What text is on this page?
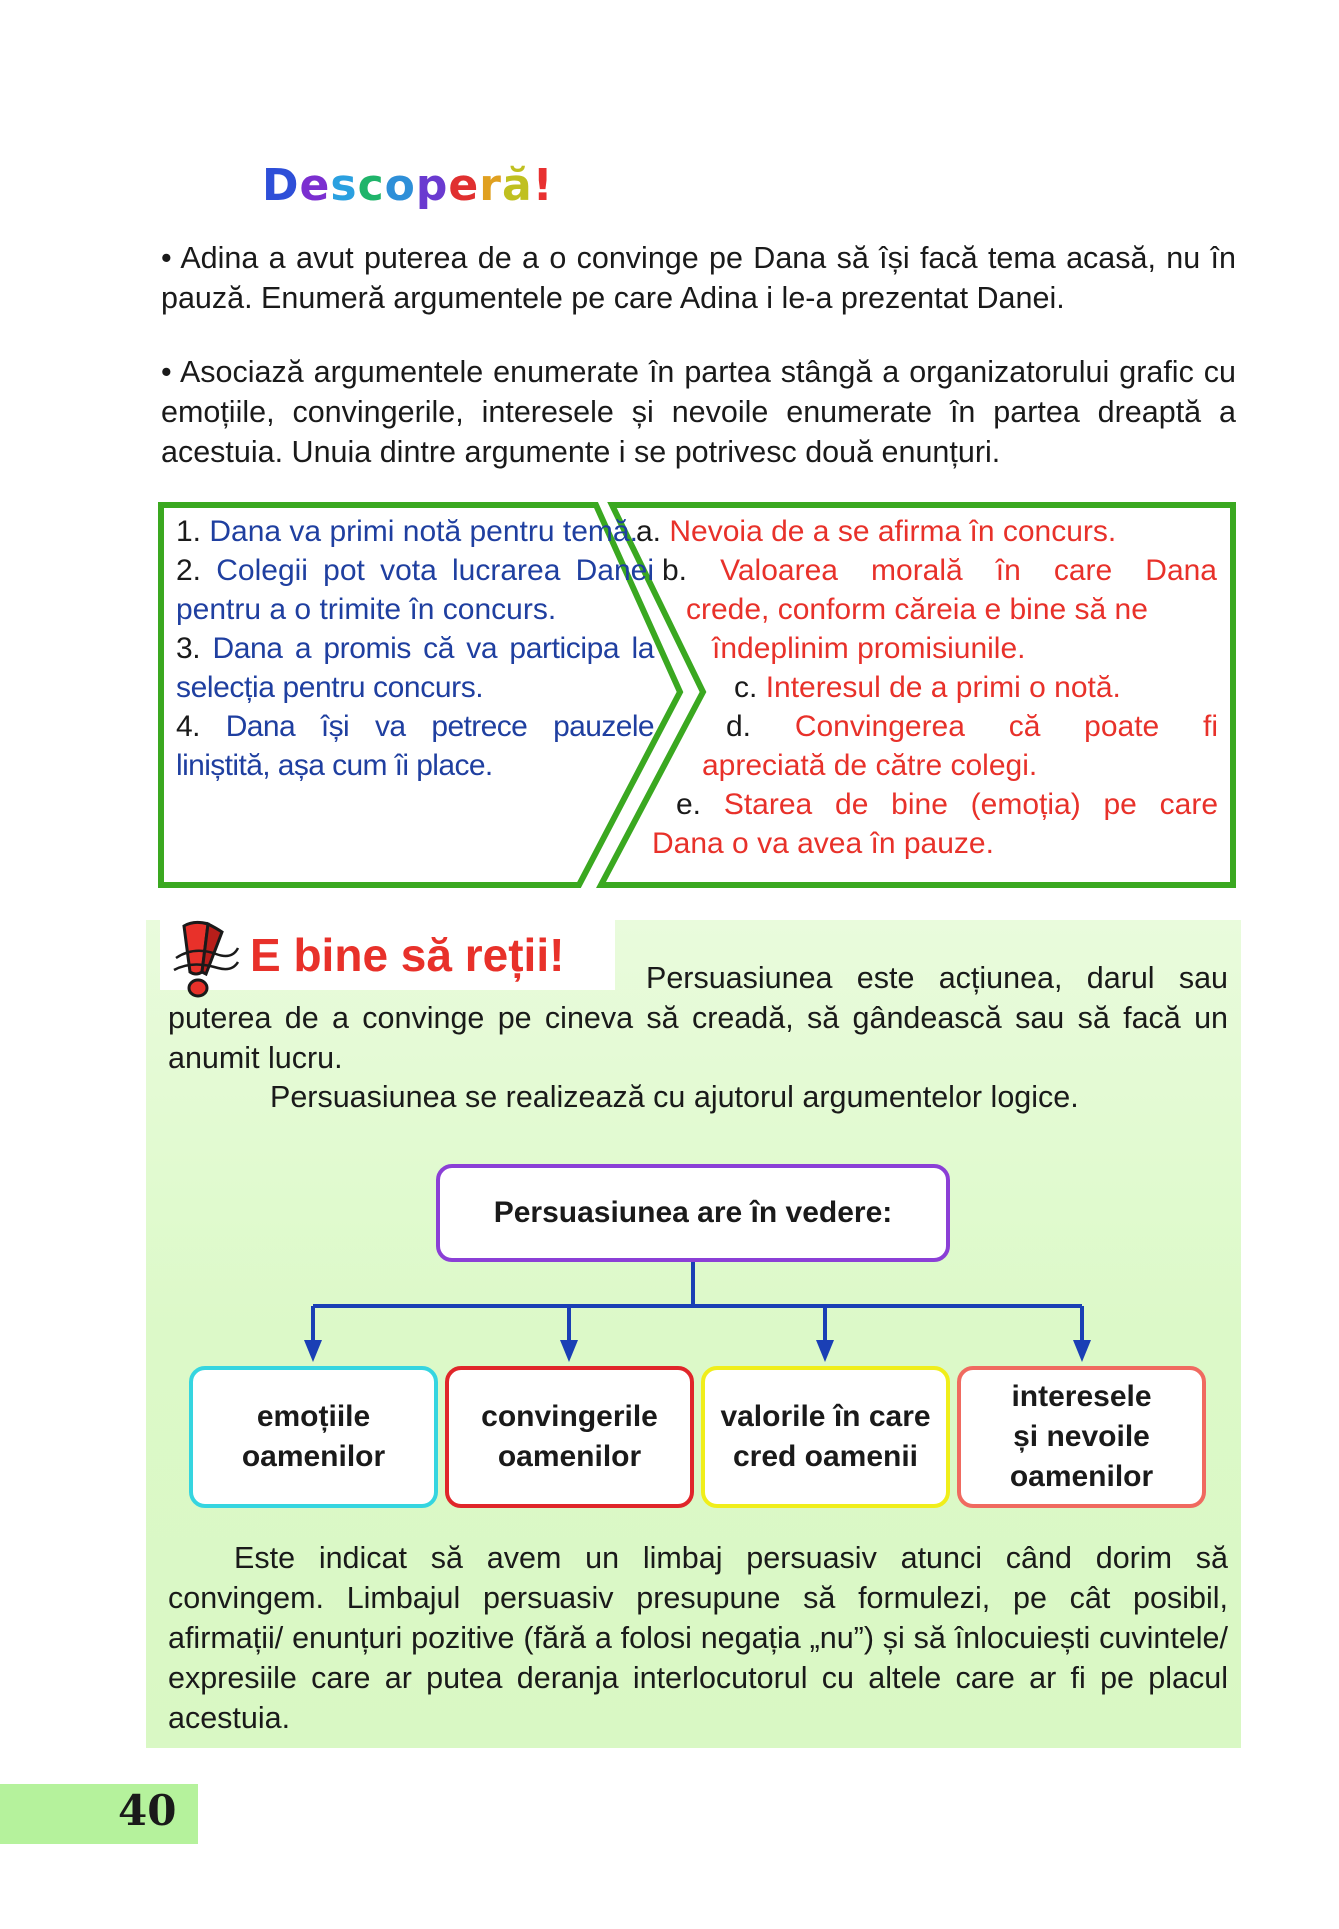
Descoperă!
• Adina a avut puterea de a o convinge pe Dana să își facă tema acasă, nu în pauză. Enumeră argumentele pe care Adina i le-a prezentat Danei.
• Asociază argumentele enumerate în partea stângă a organizatorului grafic cu emoțiile, convingerile, interesele și nevoile enumerate în partea dreaptă a acestuia. Unuia dintre argumente i se potrivesc două enunțuri.
1. Dana va primi notă pentru temă.
2. Colegii pot vota lucrarea Danei pentru a o trimite în concurs.
3. Dana a promis că va participa la selecția pentru concurs.
4. Dana își va petrece pauzele liniștită, așa cum îi place.
a. Nevoia de a se afirma în concurs.
b. Valoarea morală în care Dana
crede, conform căreia e bine să ne
îndeplinim promisiunile.
c. Interesul de a primi o notă.
d. Convingerea că poate fi
apreciată de către colegi.
e. Starea de bine (emoția) pe care
Dana o va avea în pauze.
E bine să reții!	Persuasiunea este acțiunea, darul sau
puterea de a convinge pe cineva să creadă, să gândească sau să facă un anumit lucru.
Persuasiunea se realizează cu ajutorul argumentelor logice.
Persuasiunea are în vedere:
emoțiile
oamenilor
convingerile
oamenilor
valorile în care
cred oamenii
interesele
și nevoile
oamenilor
Este indicat să avem un limbaj persuasiv atunci când dorim să convingem. Limbajul persuasiv presupune să formulezi, pe cât posibil, afirmații/ enunțuri pozitive (fără a folosi negația „nu”) și să înlocuiești cuvintele/ expresiile care ar putea deranja interlocutorul cu altele care ar fi pe placul acestuia.
40
